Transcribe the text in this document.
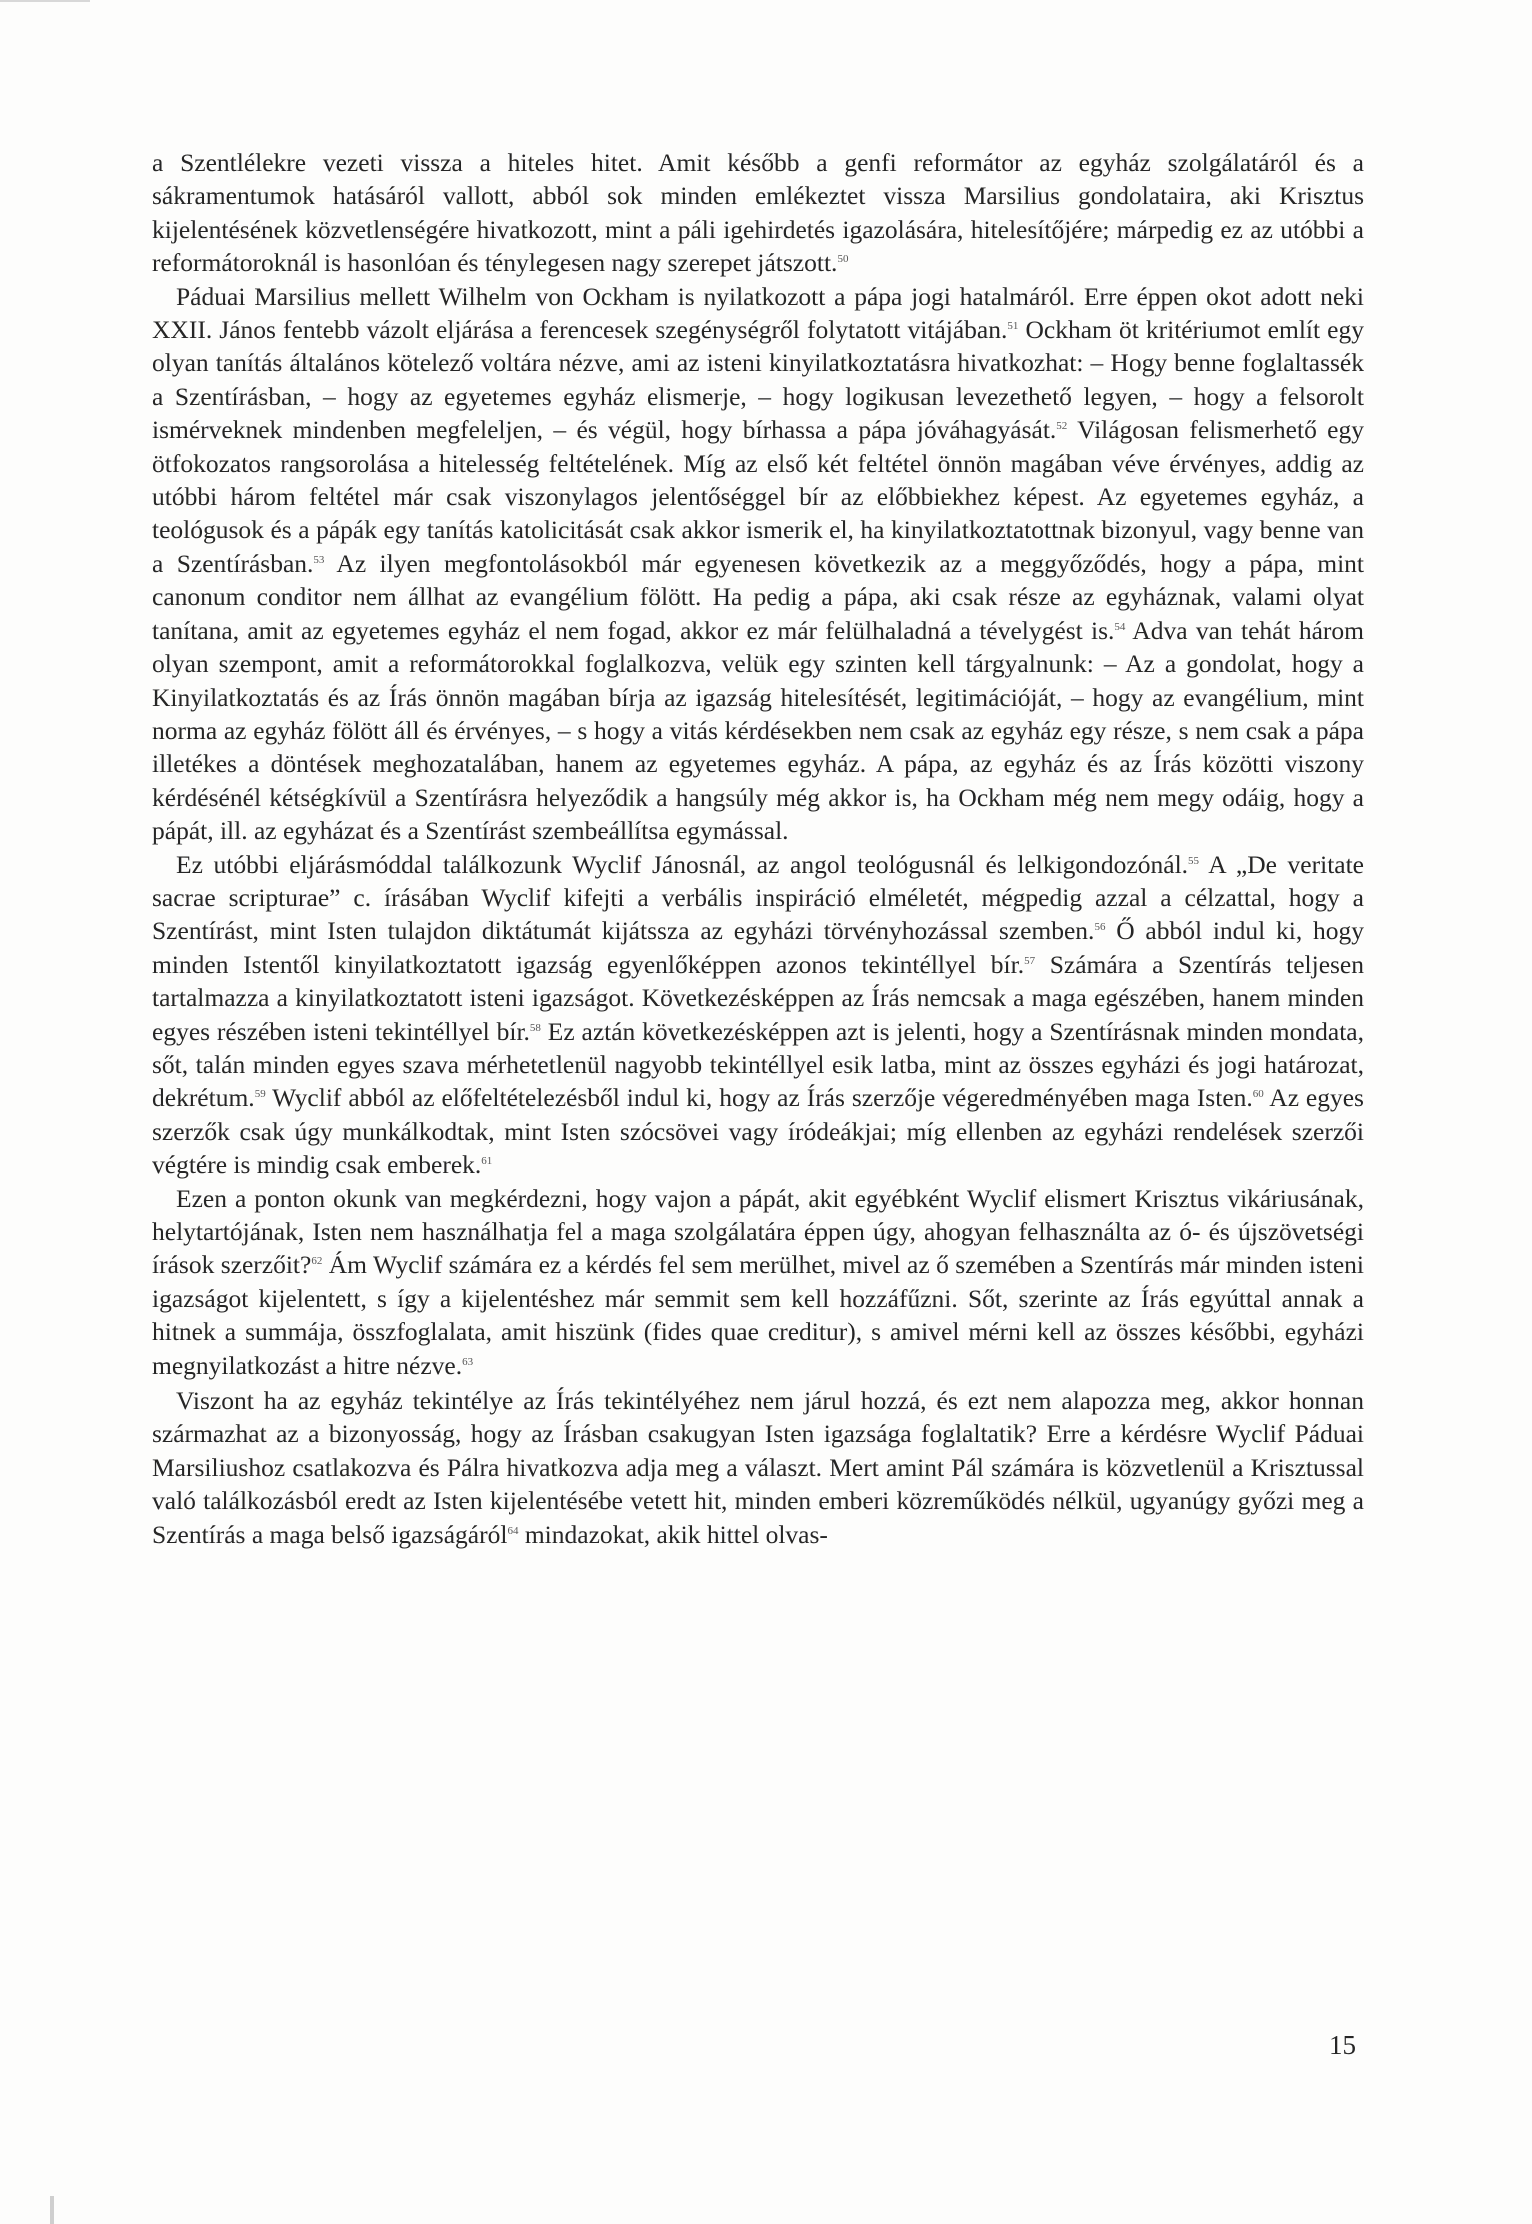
a Szentlélekre vezeti vissza a hiteles hitet. Amit később a genfi reformátor az egyház szolgálatáról és a sákramentumok hatásáról vallott, abból sok minden emlékeztet vissza Marsilius gondolataira, aki Krisztus kijelentésének közvetlenségére hivatkozott, mint a páli igehirdetés igazolására, hitelesítőjére; márpedig ez az utóbbi a reformátoroknál is hasonlóan és ténylegesen nagy szerepet játszott.$^{50}$

Páduai Marsilius mellett Wilhelm von Ockham is nyilatkozott a pápa jogi hatalmáról. Erre éppen okot adott neki XXII. János fentebb vázolt eljárása a ferencesek szegénységről folytatott vitájában.$^{51}$ Ockham öt kritériumot említ egy olyan tanítás általános kötelező voltára nézve, ami az isteni kinyilatkoztatásra hivatkozhat: – Hogy benne foglaltassék a Szentírásban, – hogy az egyetemes egyház elismerje, – hogy logikusan levezethető legyen, – hogy a felsorolt ismérveknek mindenben megfeleljen, – és végül, hogy bírhassa a pápa jóváhagyását.$^{52}$ Világosan felismerhető egy ötfokozatos rangsorolása a hitelesség feltételének. Míg az első két feltétel önnön magában véve érvényes, addig az utóbbi három feltétel már csak viszonylagos jelentőséggel bír az előbbiekhez képest. Az egyetemes egyház, a teológusok és a pápák egy tanítás katolicitását csak akkor ismerik el, ha kinyilatkoztatottnak bizonyul, vagy benne van a Szentírásban.$^{53}$ Az ilyen megfontolásokból már egyenesen következik az a meggyőződés, hogy a pápa, mint canonum conditor nem állhat az evangélium fölött. Ha pedig a pápa, aki csak része az egyháznak, valami olyat tanítana, amit az egyetemes egyház el nem fogad, akkor ez már felülhaladná a tévelygést is.$^{54}$ Adva van tehát három olyan szempont, amit a reformátorokkal foglalkozva, velük egy szinten kell tárgyalnunk: – Az a gondolat, hogy a Kinyilatkoztatás és az Írás önnön magában bírja az igazság hitelesítését, legitimációját, – hogy az evangélium, mint norma az egyház fölött áll és érvényes, – s hogy a vitás kérdésekben nem csak az egyház egy része, s nem csak a pápa illetékes a döntések meghozatalában, hanem az egyetemes egyház. A pápa, az egyház és az Írás közötti viszony kérdésénél kétségkívül a Szentírásra helyeződik a hangsúly még akkor is, ha Ockham még nem megy odáig, hogy a pápát, ill. az egyházat és a Szentírást szembeállítsa egymással.

Ez utóbbi eljárásmóddal találkozunk Wyclif Jánosnál, az angol teológusnál és lelkigondozónál.$^{55}$ A „De veritate sacrae scripturae” c. írásában Wyclif kifejti a verbális inspiráció elméletét, mégpedig azzal a célzattal, hogy a Szentírást, mint Isten tulajdon diktátumát kijátssza az egyházi törvényhozással szemben.$^{56}$ Ő abból indul ki, hogy minden Istentől kinyilatkoztatott igazság egyenlőképpen azonos tekintéllyel bír.$^{57}$ Számára a Szentírás teljesen tartalmazza a kinyilatkoztatott isteni igazságot. Következésképpen az Írás nemcsak a maga egészében, hanem minden egyes részében isteni tekintéllyel bír.$^{58}$ Ez aztán következésképpen azt is jelenti, hogy a Szentírásnak minden mondata, sőt, talán minden egyes szava mérhetetlenül nagyobb tekintéllyel esik latba, mint az összes egyházi és jogi határozat, dekrétum.$^{59}$ Wyclif abból az előfeltételezésből indul ki, hogy az Írás szerzője végeredményében maga Isten.$^{60}$ Az egyes szerzők csak úgy munkálkodtak, mint Isten szócsövei vagy íródeákjai; míg ellenben az egyházi rendelések szerzői végtére is mindig csak emberek.$^{61}$

Ezen a ponton okunk van megkérdezni, hogy vajon a pápát, akit egyébként Wyclif elismert Krisztus vikáriusának, helytartójának, Isten nem használhatja fel a maga szolgálatára éppen úgy, ahogyan felhasználta az ó- és újszövetségi írások szerzőit?$^{62}$ Ám Wyclif számára ez a kérdés fel sem merülhet, mivel az ő szemében a Szentírás már minden isteni igazságot kijelentett, s így a kijelentéshez már semmit sem kell hozzáfűzni. Sőt, szerinte az Írás egyúttal annak a hitnek a summája, összfoglalata, amit hiszünk (fides quae creditur), s amivel mérni kell az összes későbbi, egyházi megnyilatkozást a hitre nézve.$^{63}$

Viszont ha az egyház tekintélye az Írás tekintélyéhez nem járul hozzá, és ezt nem alapozza meg, akkor honnan származhat az a bizonyosság, hogy az Írásban csakugyan Isten igazsága foglaltatik? Erre a kérdésre Wyclif Páduai Marsiliushoz csatlakozva és Pálra hivatkozva adja meg a választ. Mert amint Pál számára is közvetlenül a Krisztussal való találkozásból eredt az Isten kijelentésébe vetett hit, minden emberi közreműködés nélkül, ugyanúgy győzi meg a Szentírás a maga belső igazságáról$^{64}$ mindazokat, akik hittel olvas-

15
